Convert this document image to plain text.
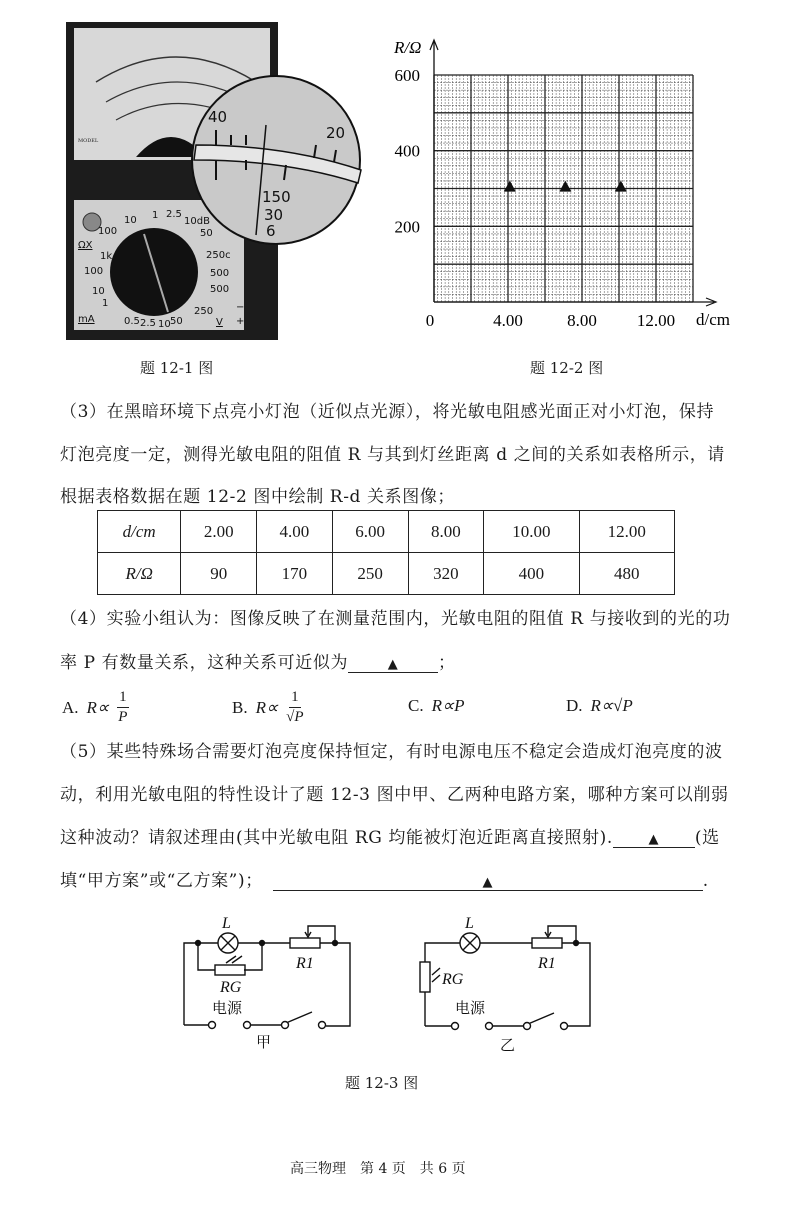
MODEL
10 1 2.5
10dB
100	50
1k	250c
100	500
10	500
1
250
0.5 2.5 10 50
ΩX
mA	V
−
+
40
20
150
30
6
题 12-1 图
R/Ω
d/cm
0	4.00	8.00 12.00
200
400
600
题 12-2 图
（3）在黑暗环境下点亮小灯泡（近似点光源），将光敏电阻感光面正对小灯泡，保持
灯泡亮度一定，测得光敏电阻的阻值 R 与其到灯丝距离 d 之间的关系如表格所示，请
根据表格数据在题 12-2 图中绘制 R-d 关系图像；
d/cm	2.00	4.00	6.00	8.00	10.00	12.00
R/Ω	90	170	250	320	400	480
（4）实验小组认为：图像反映了在测量范围内，光敏电阻的阻值 R 与接收到的光的功
率 P 有数量关系，这种关系可近似为	▲ ；
A. $R\propto \frac{1}{P}$	B. $R\propto \frac{1}{√P}$	C. R∝P	D. R∝√P
（5）某些特殊场合需要灯泡亮度保持恒定，有时电源电压不稳定会造成灯泡亮度的波
动，利用光敏电阻的特性设计了题 12-3 图中甲、乙两种电路方案，哪种方案可以削弱
这种波动？请叙述理由(其中光敏电阻 RG 均能被灯泡近距离直接照射).	▲ (选
填“甲方案”或“乙方案”)；	▲	.
L
R1
RG
电源
甲
L
R1
RG
电源
乙
题 12-3 图
高三物理　第 4 页　共 6 页
